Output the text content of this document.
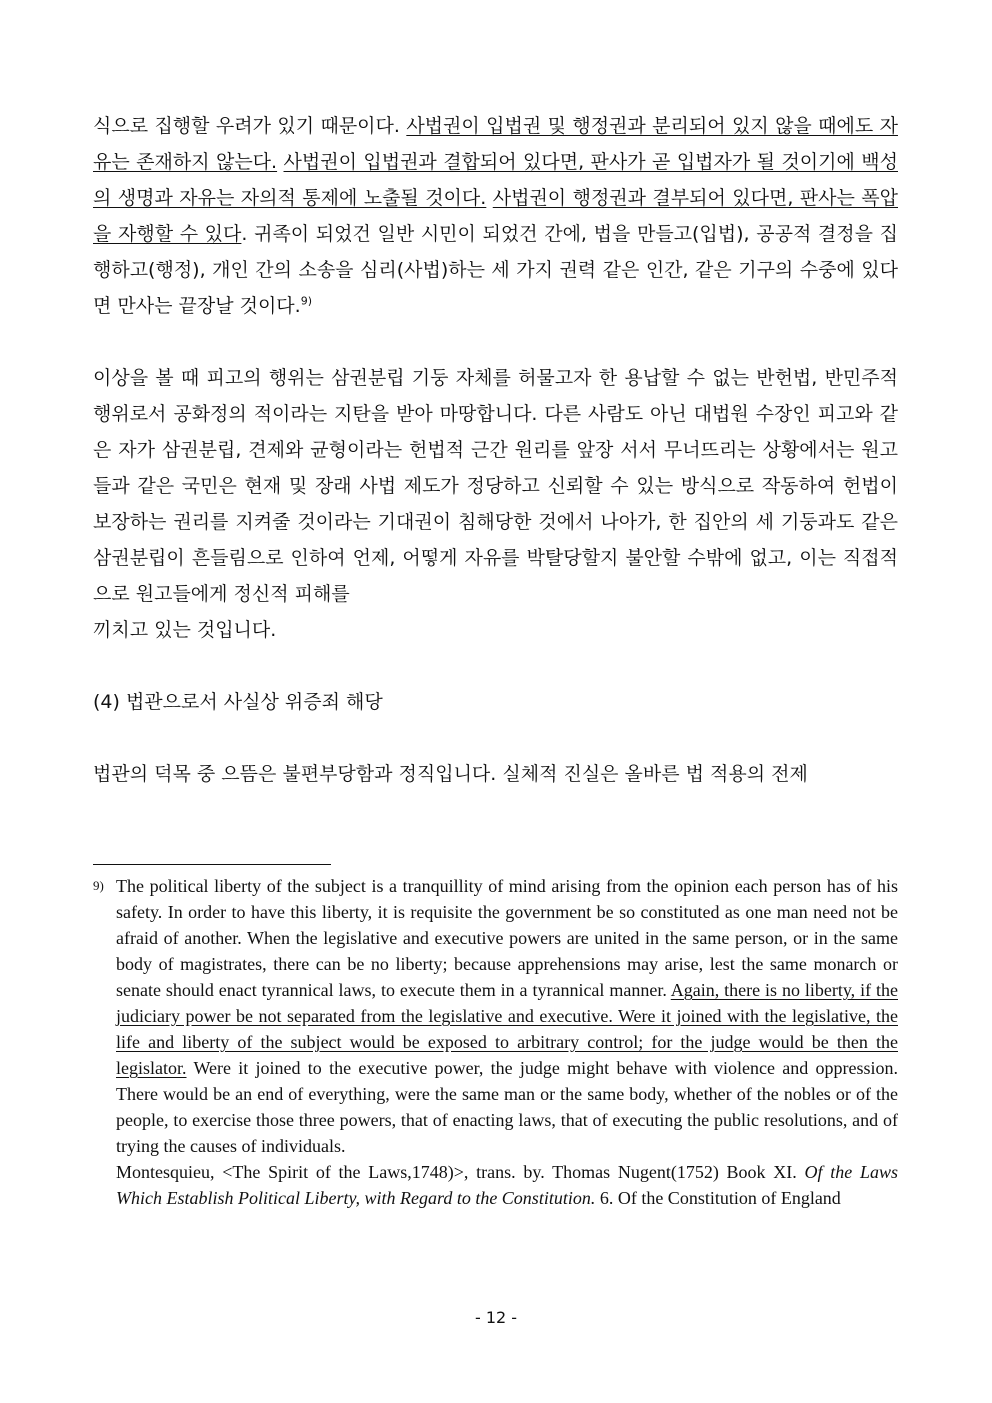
식으로 집행할 우려가 있기 때문이다. 사법권이 입법권 및 행정권과 분리되어 있지 않을 때에도 자유는 존재하지 않는다. 사법권이 입법권과 결합되어 있다면, 판사가 곧 입법자가 될 것이기에 백성의 생명과 자유는 자의적 통제에 노출될 것이다. 사법권이 행정권과 결부되어 있다면, 판사는 폭압을 자행할 수 있다. 귀족이 되었건 일반 시민이 되었건 간에, 법을 만들고(입법), 공공적 결정을 집행하고(행정), 개인 간의 소송을 심리(사법)하는 세 가지 권력 같은 인간, 같은 기구의 수중에 있다면 만사는 끝장날 것이다.$^{9)}$

이상을 볼 때 피고의 행위는 삼권분립 기둥 자체를 허물고자 한 용납할 수 없는 반헌법, 반민주적 행위로서 공화정의 적이라는 지탄을 받아 마땅합니다. 다른 사람도 아닌 대법원 수장인 피고와 같은 자가 삼권분립, 견제와 균형이라는 헌법적 근간 원리를 앞장 서서 무너뜨리는 상황에서는 원고들과 같은 국민은 현재 및 장래 사법 제도가 정당하고 신뢰할 수 있는 방식으로 작동하여 헌법이 보장하는 권리를 지켜줄 것이라는 기대권이 침해당한 것에서 나아가, 한 집안의 세 기둥과도 같은 삼권분립이 흔들림으로 인하여 언제, 어떻게 자유를 박탈당할지 불안할 수밖에 없고, 이는 직접적으로 원고들에게 정신적 피해를
끼치고 있는 것입니다.

(4) 법관으로서 사실상 위증죄 해당

법관의 덕목 중 으뜸은 불편부당함과 정직입니다. 실체적 진실은 올바른 법 적용의 전제

9) The political liberty of the subject is a tranquillity of mind arising from the opinion each person has of his safety. In order to have this liberty, it is requisite the government be so constituted as one man need not be afraid of another. When the legislative and executive powers are united in the same person, or in the same body of magistrates, there can be no liberty; because apprehensions may arise, lest the same monarch or senate should enact tyrannical laws, to execute them in a tyrannical manner. Again, there is no liberty, if the judiciary power be not separated from the legislative and executive. Were it joined with the legislative, the life and liberty of the subject would be exposed to arbitrary control; for the judge would be then the legislator. Were it joined to the executive power, the judge might behave with violence and oppression. There would be an end of everything, were the same man or the same body, whether of the nobles or of the people, to exercise those three powers, that of enacting laws, that of executing the public resolutions, and of trying the causes of individuals.
Montesquieu, <The Spirit of the Laws,1748)>, trans. by. Thomas Nugent(1752) Book XI. Of the Laws Which Establish Political Liberty, with Regard to the Constitution. 6. Of the Constitution of England
- 12 -
